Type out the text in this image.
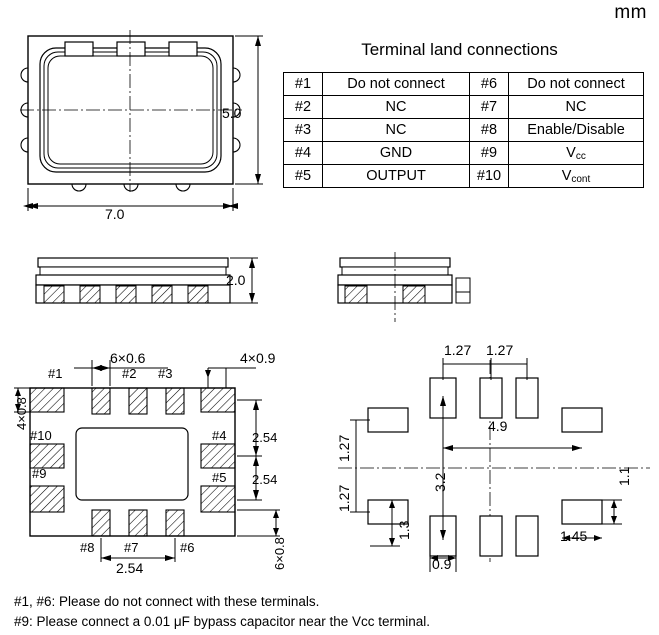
mm
Terminal land connections
#1	Do not connect	#6	Do not connect
#2	NC	#7	NC
#3	NC	#8	Enable/Disable
#4	GND	#9	$V_{cc}$
#5	OUTPUT	#10	$V_{cont}$
7.0
5.0
2.0
6×0.6	4×0.9
4×0.8
6×0.8
2.54
2.54
2.54
#1	#2 #3
#4
#5
#6
#7
#8
#9
#10
1.27 1.27
1.27
1.27
4.9
3.2
1.3
0.9
1.1
1.45
#1, #6: Please do not connect with these terminals.
#9: Please connect a 0.01 μF bypass capacitor near the Vcc terminal.
